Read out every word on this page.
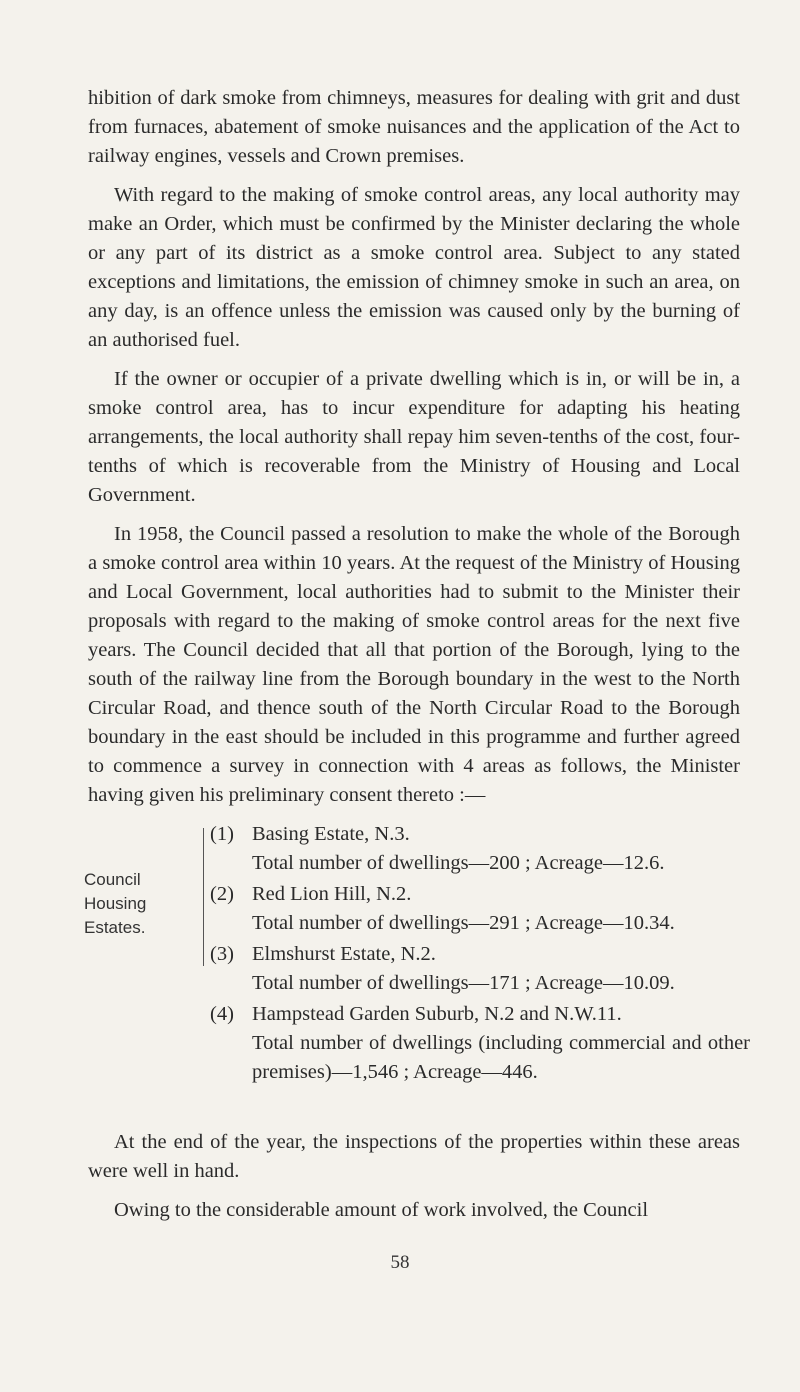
hibition of dark smoke from chimneys, measures for dealing with grit and dust from furnaces, abatement of smoke nuisances and the application of the Act to railway engines, vessels and Crown premises.

With regard to the making of smoke control areas, any local authority may make an Order, which must be confirmed by the Minister declaring the whole or any part of its district as a smoke control area. Subject to any stated exceptions and limitations, the emission of chimney smoke in such an area, on any day, is an offence unless the emission was caused only by the burning of an authorised fuel.

If the owner or occupier of a private dwelling which is in, or will be in, a smoke control area, has to incur expenditure for adapting his heating arrangements, the local authority shall repay him seven-tenths of the cost, four-tenths of which is recoverable from the Ministry of Housing and Local Government.

In 1958, the Council passed a resolution to make the whole of the Borough a smoke control area within 10 years. At the request of the Ministry of Housing and Local Government, local authorities had to submit to the Minister their proposals with regard to the making of smoke control areas for the next five years. The Council decided that all that portion of the Borough, lying to the south of the railway line from the Borough boundary in the west to the North Circular Road, and thence south of the North Circular Road to the Borough boundary in the east should be included in this programme and further agreed to commence a survey in connection with 4 areas as follows, the Minister having given his preliminary consent thereto :—

Council
Housing
Estates.
(1) Basing Estate, N.3.
Total number of dwellings—200 ; Acreage—12.6.
(2) Red Lion Hill, N.2.
Total number of dwellings—291 ; Acreage—10.34.
(3) Elmshurst Estate, N.2.
Total number of dwellings—171 ; Acreage—10.09.
(4) Hampstead Garden Suburb, N.2 and N.W.11.
Total number of dwellings (including commercial and other premises)—1,546 ; Acreage—446.

At the end of the year, the inspections of the properties within these areas were well in hand.

Owing to the considerable amount of work involved, the Council

58
